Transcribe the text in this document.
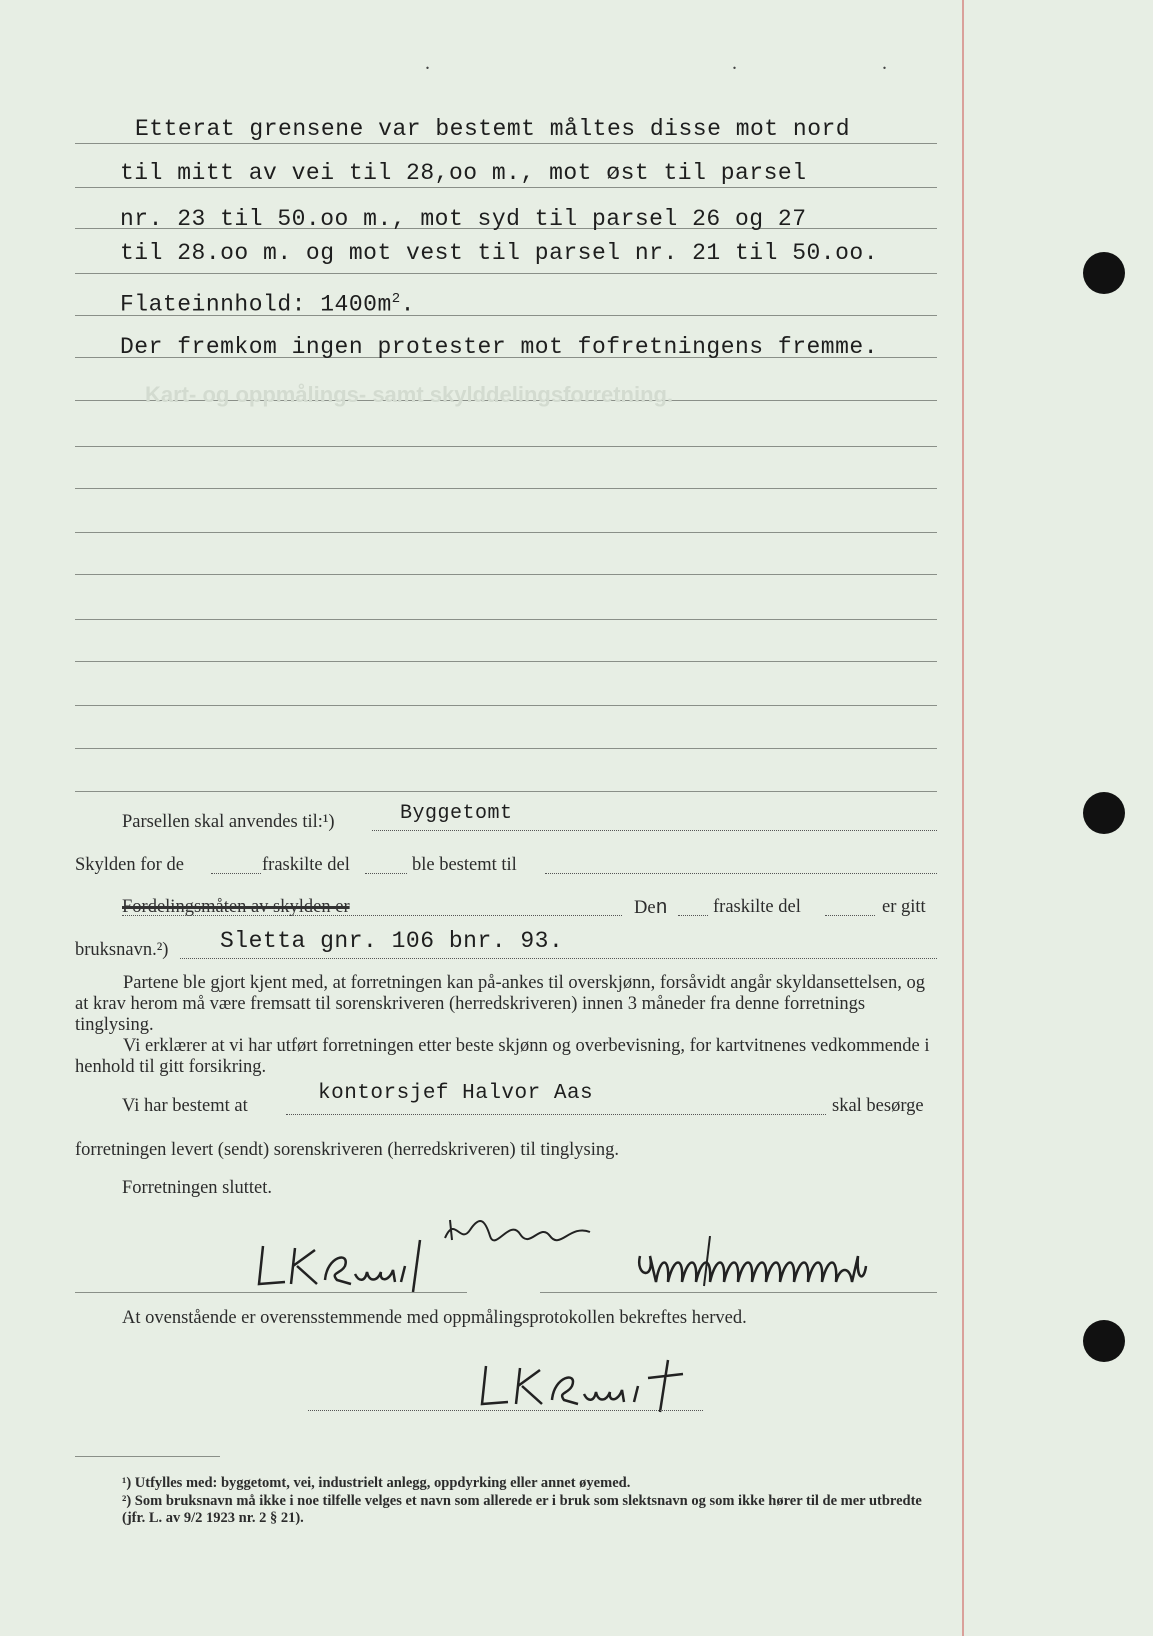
.	.	.
Etterat grensene var bestemt måltes disse mot nord
til mitt av vei til 28,oo m., mot øst til parsel
nr. 23 til 50.oo m., mot syd til parsel 26 og 27
til 28.oo m. og mot vest til parsel nr. 21 til 50.oo.
Flateinnhold: $1400m^2$.
Der fremkom ingen protester mot fofretningens fremme.
Kart- og oppmålings- samt skylddelingsforretning.
Parsellen skal anvendes til:¹)	Byggetomt
Skylden for de	fraskilte del	ble bestemt til
Fordelingsmåten av skylden er	Den fraskilte del	er gitt
bruksnavn.²) Sletta gnr. 106 bnr. 93.
Partene ble gjort kjent med, at forretningen kan på-ankes til overskjønn, forsåvidt angår skyldansettelsen, og at krav herom må være fremsatt til sorenskriveren (herredskriveren) innen 3 måneder fra denne forretnings tinglysing.
Vi erklærer at vi har utført forretningen etter beste skjønn og overbevisning, for kartvitnenes vedkommende i henhold til gitt forsikring.
Vi har bestemt at
kontorsjef Halvor Aas
skal besørge
forretningen levert (sendt) sorenskriveren (herredskriveren) til tinglysing.
Forretningen sluttet.
At ovenstående er overensstemmende med oppmålingsprotokollen bekreftes herved.
¹) Utfylles med: byggetomt, vei, industrielt anlegg, oppdyrking eller annet øyemed.
²) Som bruksnavn må ikke i noe tilfelle velges et navn som allerede er i bruk som slektsnavn og som ikke hører til de mer utbredte (jfr. L. av 9/2 1923 nr. 2 § 21).
